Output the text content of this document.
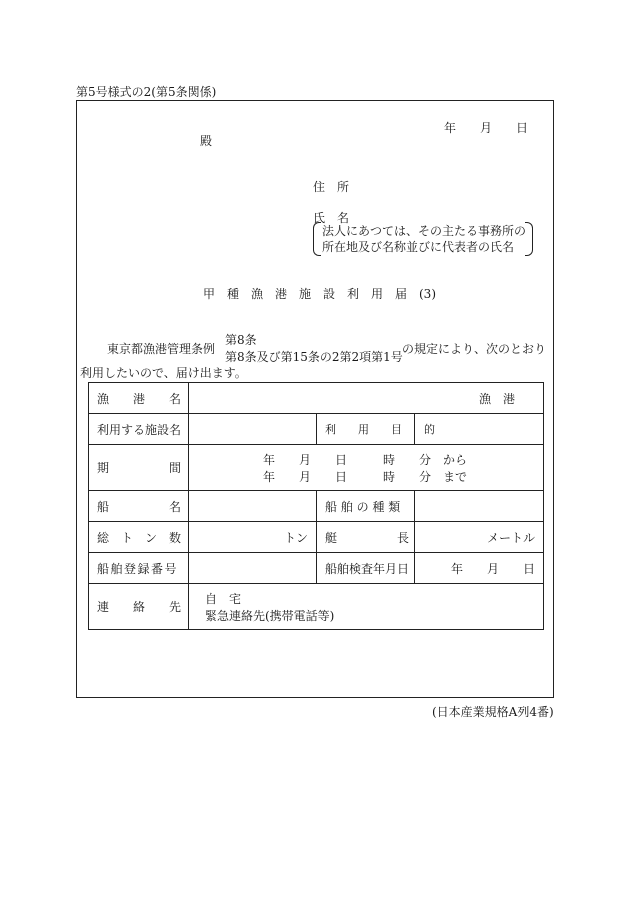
第5号様式の2(第5条関係)
年　　月　　日
殿
住　所
氏　名
法人にあつては、その主たる事務所の
所在地及び名称並びに代表者の氏名
甲　種　漁　港　施　設　利　用　届　(3)
東京都漁港管理条例
第8条
第8条及び第15条の2第2項第1号
の規定により、次のとおり
利用したいので、届け出ます。
漁　　港　　名	漁　港		
利用する施設名		利　　用　　目　　的	
期　　　　　間	年　　月　　日　　　時　　分　から
年　　月　　日　　　時　　分　まで		

船　　　　　名		船 舶 の 種 類	
総　ト　ン　数	トン	艇　　　　　長	メートル
船舶登録番号		船舶検査年月日	年　　月　　日
連　　絡　　先	自　宅
緊急連絡先(携帯電話等)		
(日本産業規格A列4番)
